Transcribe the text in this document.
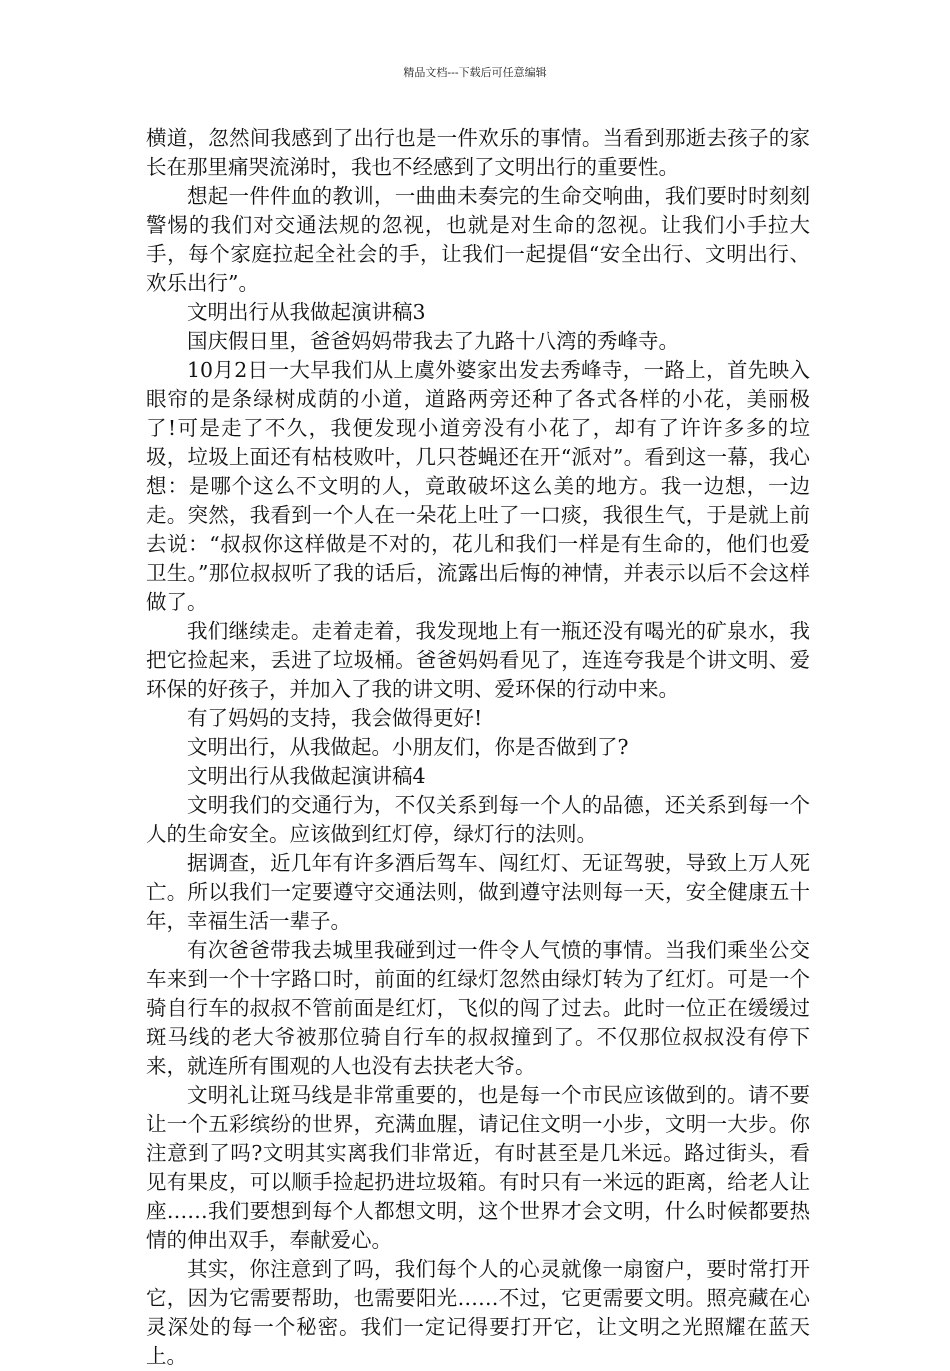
精品文档---下载后可任意编辑

横道，忽然间我感到了出行也是一件欢乐的事情。当看到那逝去孩子的家长在那里痛哭流涕时，我也不经感到了文明出行的重要性。

想起一件件血的教训，一曲曲未奏完的生命交响曲，我们要时时刻刻警惕的我们对交通法规的忽视，也就是对生命的忽视。让我们小手拉大手，每个家庭拉起全社会的手，让我们一起提倡“安全出行、文明出行、欢乐出行”。

文明出行从我做起演讲稿3

国庆假日里，爸爸妈妈带我去了九路十八湾的秀峰寺。

10月2日一大早我们从上虞外婆家出发去秀峰寺，一路上，首先映入眼帘的是条绿树成荫的小道，道路两旁还种了各式各样的小花，美丽极了!可是走了不久，我便发现小道旁没有小花了，却有了许许多多的垃圾，垃圾上面还有枯枝败叶，几只苍蝇还在开“派对”。看到这一幕，我心想：是哪个这么不文明的人，竟敢破坏这么美的地方。我一边想，一边走。突然，我看到一个人在一朵花上吐了一口痰，我很生气，于是就上前去说：“叔叔你这样做是不对的，花儿和我们一样是有生命的，他们也爱卫生。”那位叔叔听了我的话后，流露出后悔的神情，并表示以后不会这样做了。

我们继续走。走着走着，我发现地上有一瓶还没有喝光的矿泉水，我把它捡起来，丢进了垃圾桶。爸爸妈妈看见了，连连夸我是个讲文明、爱环保的好孩子，并加入了我的讲文明、爱环保的行动中来。

有了妈妈的支持，我会做得更好!

文明出行，从我做起。小朋友们，你是否做到了?

文明出行从我做起演讲稿4

文明我们的交通行为，不仅关系到每一个人的品德，还关系到每一个人的生命安全。应该做到红灯停，绿灯行的法则。

据调查，近几年有许多酒后驾车、闯红灯、无证驾驶，导致上万人死亡。所以我们一定要遵守交通法则，做到遵守法则每一天，安全健康五十年，幸福生活一辈子。

有次爸爸带我去城里我碰到过一件令人气愤的事情。当我们乘坐公交车来到一个十字路口时，前面的红绿灯忽然由绿灯转为了红灯。可是一个骑自行车的叔叔不管前面是红灯，飞似的闯了过去。此时一位正在缓缓过斑马线的老大爷被那位骑自行车的叔叔撞到了。不仅那位叔叔没有停下来，就连所有围观的人也没有去扶老大爷。

文明礼让斑马线是非常重要的，也是每一个市民应该做到的。请不要让一个五彩缤纷的世界，充满血腥，请记住文明一小步，文明一大步。你注意到了吗?文明其实离我们非常近，有时甚至是几米远。路过街头，看见有果皮，可以顺手捡起扔进垃圾箱。有时只有一米远的距离，给老人让座……我们要想到每个人都想文明，这个世界才会文明，什么时候都要热情的伸出双手，奉献爱心。

其实，你注意到了吗，我们每个人的心灵就像一扇窗户，要时常打开它，因为它需要帮助，也需要阳光……不过，它更需要文明。照亮藏在心灵深处的每一个秘密。我们一定记得要打开它，让文明之光照耀在蓝天上。
